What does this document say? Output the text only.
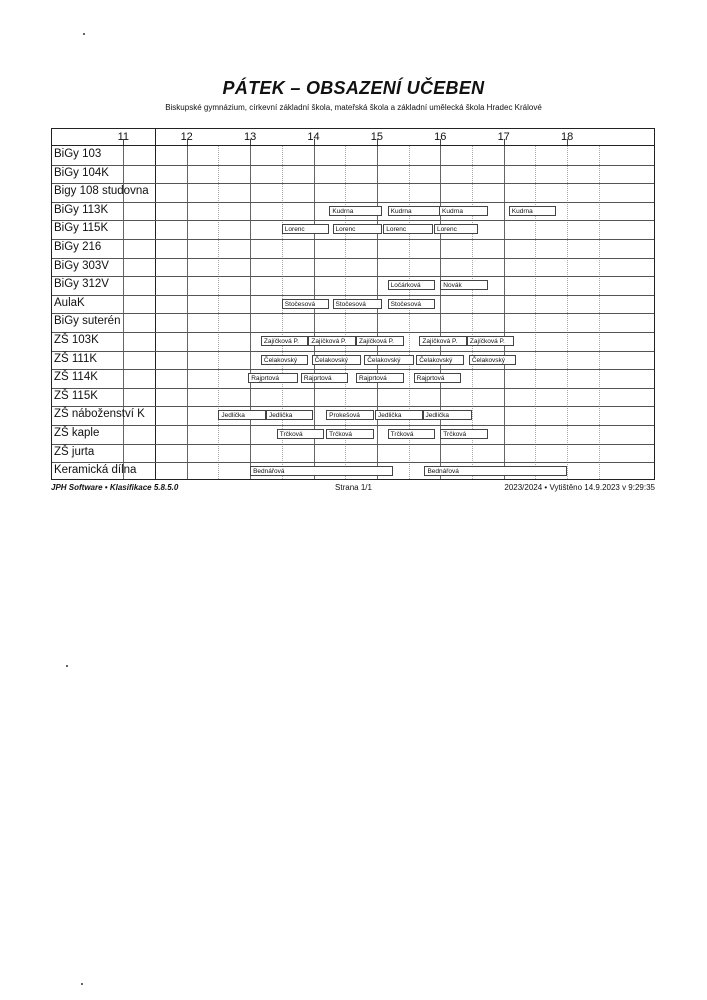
PÁTEK – OBSAZENÍ UČEBEN
Biskupské gymnázium, církevní základní škola, mateřská škola a základní umělecká škola Hradec Králové
11	12	13	14	15	16	17	18
BiGy 103
BiGy 104K
Bigy 108 studovna
BiGy 113K	Kudrna	Kudrna	Kudrna	Kudrna
BiGy 115K	Lorenc	Lorenc	Lorenc	Lorenc
BiGy 216
BiGy 303V
BiGy 312V	Ločárková	Novák
AulaK	Stočesová	Stočesová	Stočesová
BiGy suterén
ZŠ 103K	Zajíčková P.	Zajíčková P.	Zajíčková P.	Zajíčková P.	Zajíčková P.
ZŠ 111K	Čelakovský	Čelakovský	Čelakovský	Čelakovský	Čelakovský
ZŠ 114K	Rajprtová	Rajprtová	Rajprtová	Rajprtová
ZŠ 115K
ZŠ náboženství K	Jedlička	Jedlička	Prokešová	Jedlička	Jedlička
ZŠ kaple	Trčková	Trčková	Trčková	Trčková
ZŠ jurta
Keramická dílna	Bednářová	Bednářová
JPH Software • Klasifikace 5.8.5.0	Strana 1/1	2023/2024 • Vytištěno 14.9.2023 v 9:29:35
